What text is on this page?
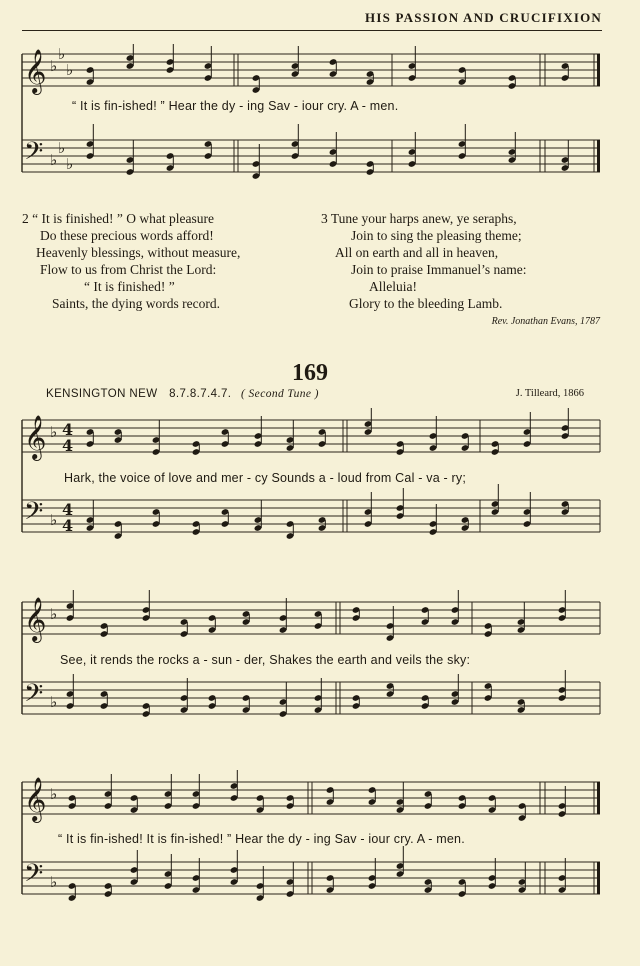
HIS PASSION AND CRUCIFIXION
𝄞 ♭
♭
♭
𝄢 ♭
♭
♭
“ It is fin-ished! ” Hear the dy - ing Sav - iour cry. A - men.
2 “ It is finished! ” O what pleasure
Do these precious words afford!
Heavenly blessings, without measure,
Flow to us from Christ the Lord:
“ It is finished! ”
Saints, the dying words record.
3 Tune your harps anew, ye seraphs,
Join to sing the pleasing theme;
All on earth and all in heaven,
Join to praise Immanuel’s name:
Alleluia!
Glory to the bleeding Lamb.
Rev. Jonathan Evans, 1787
169
KENSINGTON NEW 8.7.8.7.4.7. ( Second Tune )	J. Tilleard, 1866
𝄞 ♭ 4
4
𝄢 ♭
4
4
Hark, the voice of love and mer - cy Sounds a - loud from Cal - va - ry;
𝄞 ♭
𝄢 ♭
See, it rends the rocks a - sun - der, Shakes the earth and veils the sky:
𝄞 ♭
𝄢 ♭
“ It is fin-ished! It is fin-ished! ” Hear the dy - ing Sav - iour cry. A - men.
